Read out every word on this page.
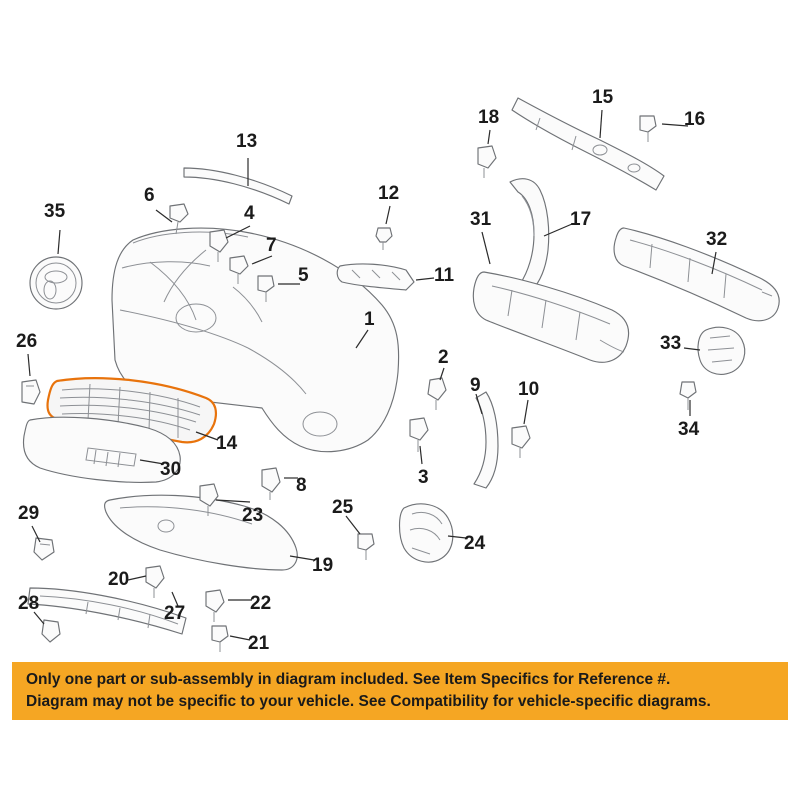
35
6
13
4
7
5
12
11
18
15
16
31	17
32
1
26	33
2
9 10
34
14
3
30
8
23	25
24
29
20
19
28	27	22
21
Only one part or sub-assembly in diagram included. See Item Specifics for Reference #.
Diagram may not be specific to your vehicle. See Compatibility for vehicle-specific diagrams.
